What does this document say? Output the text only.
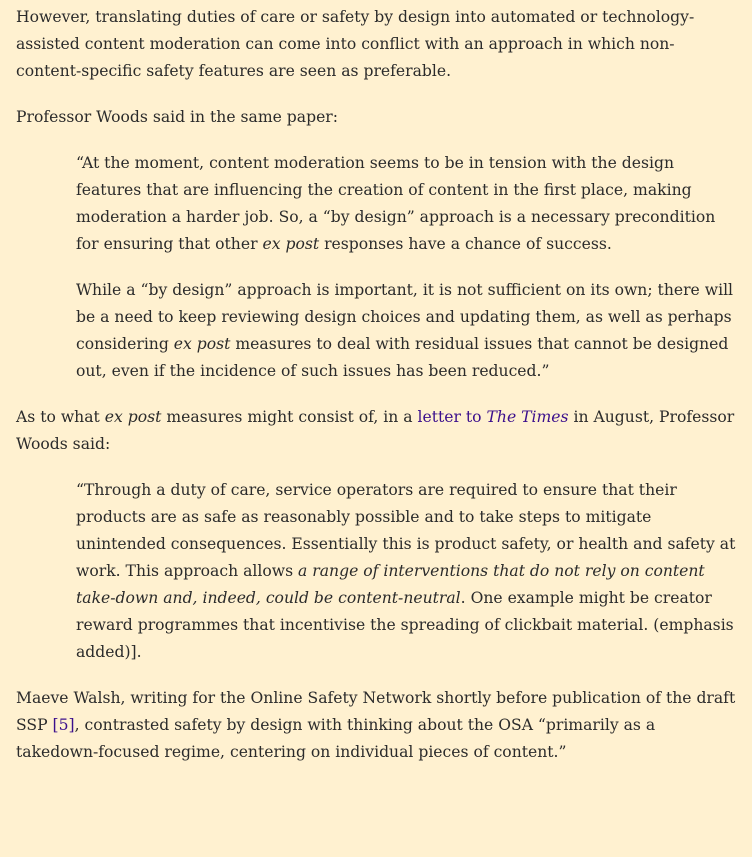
However, translating duties of care or safety by design into automated or technology-assisted content moderation can come into conflict with an approach in which non-content-specific safety features are seen as preferable.

Professor Woods said in the same paper:

“At the moment, content moderation seems to be in tension with the design features that are influencing the creation of content in the first place, making moderation a harder job. So, a “by design” approach is a necessary precondition for ensuring that other ex post responses have a chance of success.

While a “by design” approach is important, it is not sufficient on its own; there will be a need to keep reviewing design choices and updating them, as well as perhaps considering ex post measures to deal with residual issues that cannot be designed out, even if the incidence of such issues has been reduced.”

As to what ex post measures might consist of, in a letter to The Times in August, Professor Woods said:

“Through a duty of care, service operators are required to ensure that their products are as safe as reasonably possible and to take steps to mitigate unintended consequences. Essentially this is product safety, or health and safety at work. This approach allows a range of interventions that do not rely on content take-down and, indeed, could be content-neutral. One example might be creator reward programmes that incentivise the spreading of clickbait material. (emphasis added)].

Maeve Walsh, writing for the Online Safety Network shortly before publication of the draft SSP [5], contrasted safety by design with thinking about the OSA “primarily as a takedown-focused regime, centering on individual pieces of content.”
